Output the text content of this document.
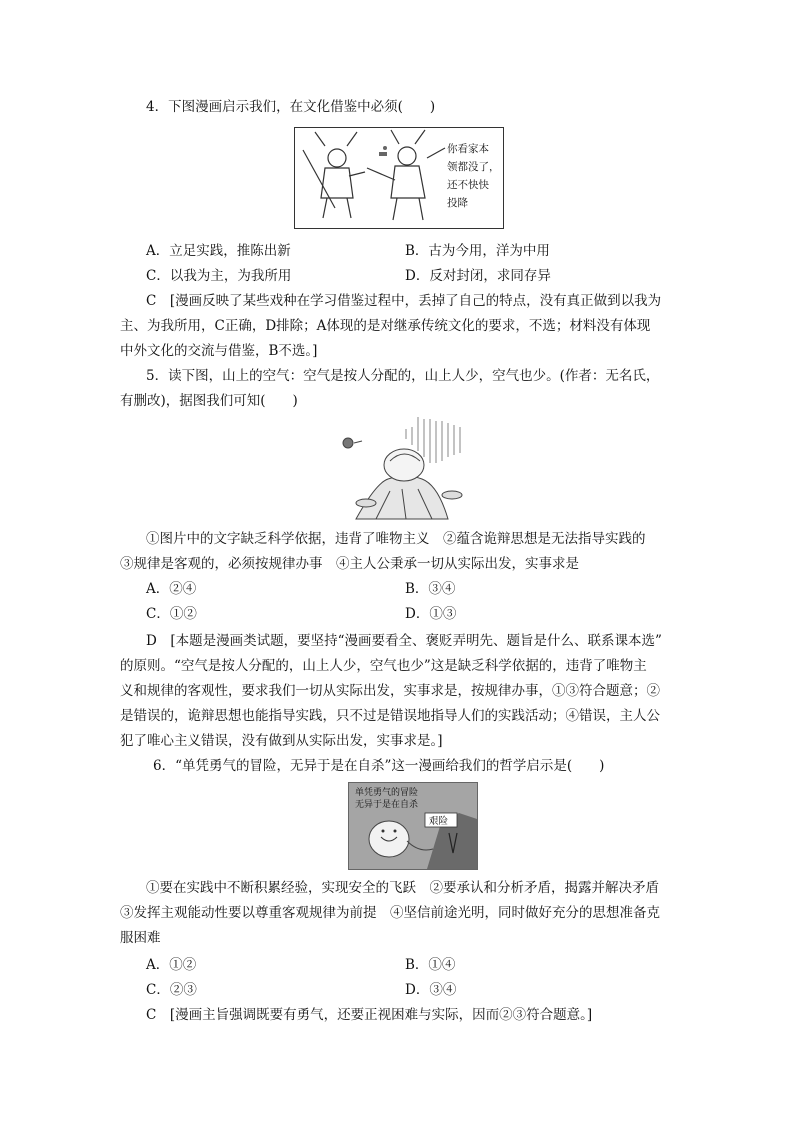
4．下图漫画启示我们，在文化借鉴中必须(　　)
你看家本
领都没了，
还不快快
投降
A．立足实践，推陈出新	B．古为今用，洋为中用
C．以我为主，为我所用	D．反对封闭，求同存异
C　[漫画反映了某些戏种在学习借鉴过程中，丢掉了自己的特点，没有真正做到以我为
主、为我所用，C正确，D排除；A体现的是对继承传统文化的要求，不选；材料没有体现
中外文化的交流与借鉴，B不选。]
5．读下图，山上的空气：空气是按人分配的，山上人少，空气也少。(作者：无名氏，
有删改)，据图我们可知(　　)
①图片中的文字缺乏科学依据，违背了唯物主义　②蕴含诡辩思想是无法指导实践的
③规律是客观的，必须按规律办事　④主人公秉承一切从实际出发，实事求是
A．②④	B．③④
C．①②	D．①③
D　[本题是漫画类试题，要坚持“漫画要看全、褒贬弄明先、题旨是什么、联系课本选”
的原则。“空气是按人分配的，山上人少，空气也少”这是缺乏科学依据的，违背了唯物主
义和规律的客观性，要求我们一切从实际出发，实事求是，按规律办事，①③符合题意；②
是错误的，诡辩思想也能指导实践，只不过是错误地指导人们的实践活动；④错误，主人公
犯了唯心主义错误，没有做到从实际出发，实事求是。]
6．“单凭勇气的冒险，无异于是在自杀”这一漫画给我们的哲学启示是(　　)
艰险
单凭勇气的冒险
无异于是在自杀
①要在实践中不断积累经验，实现安全的飞跃　②要承认和分析矛盾，揭露并解决矛盾
③发挥主观能动性要以尊重客观规律为前提　④坚信前途光明，同时做好充分的思想准备克
服困难
A．①②	B．①④
C．②③	D．③④
C　[漫画主旨强调既要有勇气，还要正视困难与实际，因而②③符合题意。]
